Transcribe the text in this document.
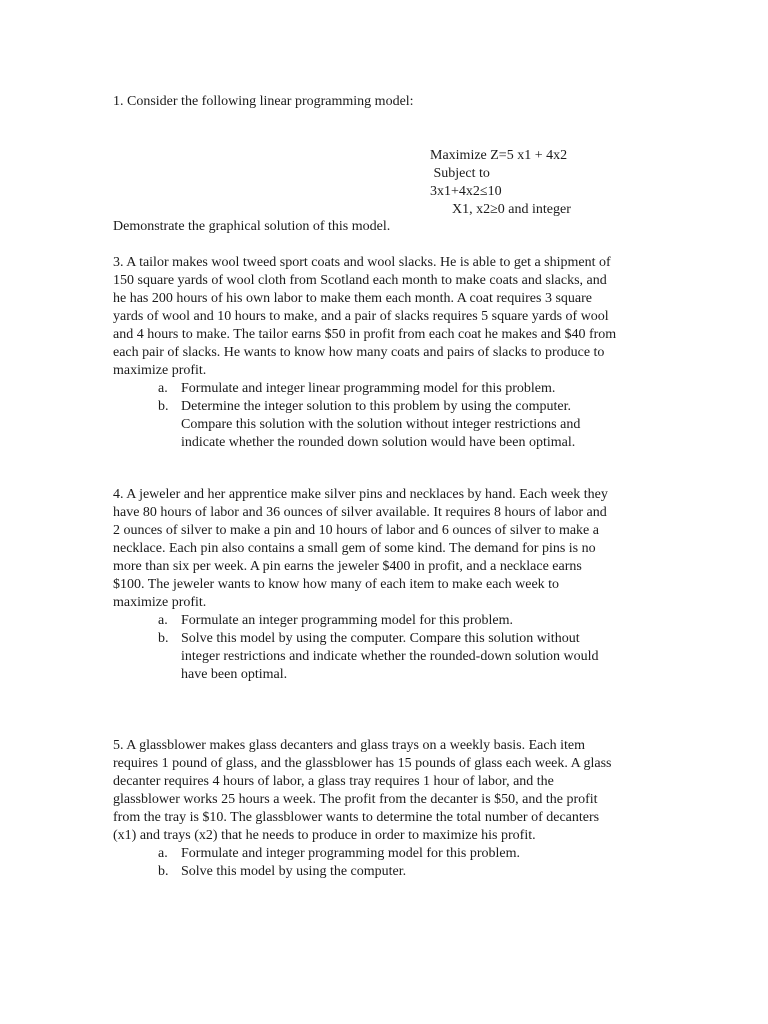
1. Consider the following linear programming model:
Maximize Z=5 x1 + 4x2
Subject to
3x1+4x2≤10
X1, x2≥0 and integer
Demonstrate the graphical solution of this model.
3. A tailor makes wool tweed sport coats and wool slacks. He is able to get a shipment of
150 square yards of wool cloth from Scotland each month to make coats and slacks, and
he has 200 hours of his own labor to make them each month. A coat requires 3 square
yards of wool and 10 hours to make, and a pair of slacks requires 5 square yards of wool
and 4 hours to make. The tailor earns $50 in profit from each coat he makes and $40 from
each pair of slacks. He wants to know how many coats and pairs of slacks to produce to
maximize profit.
a. Formulate and integer linear programming model for this problem.
b. Determine the integer solution to this problem by using the computer.
Compare this solution with the solution without integer restrictions and
indicate whether the rounded down solution would have been optimal.
4. A jeweler and her apprentice make silver pins and necklaces by hand. Each week they
have 80 hours of labor and 36 ounces of silver available. It requires 8 hours of labor and
2 ounces of silver to make a pin and 10 hours of labor and 6 ounces of silver to make a
necklace. Each pin also contains a small gem of some kind. The demand for pins is no
more than six per week. A pin earns the jeweler $400 in profit, and a necklace earns
$100. The jeweler wants to know how many of each item to make each week to
maximize profit.
a. Formulate an integer programming model for this problem.
b. Solve this model by using the computer. Compare this solution without
integer restrictions and indicate whether the rounded-down solution would
have been optimal.
5. A glassblower makes glass decanters and glass trays on a weekly basis. Each item
requires 1 pound of glass, and the glassblower has 15 pounds of glass each week. A glass
decanter requires 4 hours of labor, a glass tray requires 1 hour of labor, and the
glassblower works 25 hours a week. The profit from the decanter is $50, and the profit
from the tray is $10. The glassblower wants to determine the total number of decanters
(x1) and trays (x2) that he needs to produce in order to maximize his profit.
a. Formulate and integer programming model for this problem.
b. Solve this model by using the computer.
